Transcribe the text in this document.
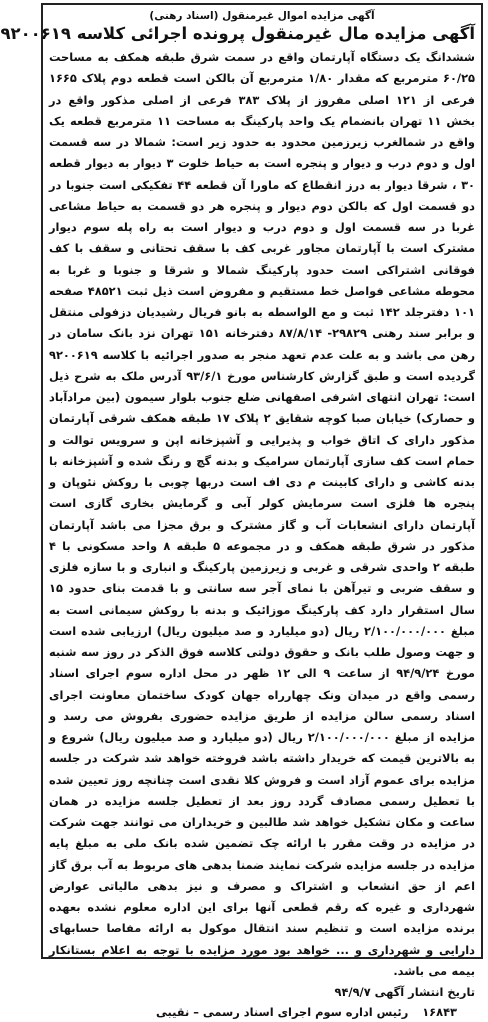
آگهی مزایده اموال غیرمنقول (اسناد رهنی)
آگهی مزایده مال غیرمنقول پرونده اجرائی کلاسه ۹۲۰۰۶۱۹
ششدانگ یک دستگاه آپارتمان واقع در سمت شرق طبقه همکف به مساحت ۶۰/۲۵ مترمربع که مقدار ۱/۸۰ مترمربع آن بالکن است قطعه دوم پلاک ۱۶۶۵ فرعی از ۱۲۱ اصلی مفروز از پلاک ۳۸۳ فرعی از اصلی مذکور واقع در بخش ۱۱ تهران بانضمام یک واحد پارکینگ به مساحت ۱۱ مترمربع قطعه یک واقع در شمالغرب زیرزمین محدود به حدود زیر است: شمالا در سه قسمت اول و دوم درب و دیوار و پنجره است به حیاط خلوت ۳ دیوار به دیوار قطعه ۳۰ ، شرقا دیوار به درز انقطاع که ماورا آن قطعه ۴۴ تفکیکی است جنوبا در دو قسمت اول که بالکن دوم دیوار و پنجره هر دو قسمت به حیاط مشاعی غربا در سه قسمت اول و دوم درب و دیوار است به راه پله سوم دیوار مشترک است با آپارتمان مجاور غربی کف با سقف تحتانی و سقف با کف فوقانی اشتراکی است حدود پارکینگ شمالا و شرقا و جنوبا و غربا به محوطه مشاعی فواصل خط مستقیم و مفروض است ذیل ثبت ۴۸۵۲۱ صفحه ۱۰۱ دفترجلد ۱۴۲ ثبت و مع الواسطه به بانو فریال رشیدیان دزفولی منتقل و برابر سند رهنی ۲۹۸۲۹- ۸۷/۸/۱۴ دفترخانه ۱۵۱ تهران نزد بانک سامان در رهن می باشد و به علت عدم تعهد منجر به صدور اجرائیه با کلاسه ۹۲۰۰۶۱۹ گردیده است و طبق گزارش کارشناس مورخ ۹۳/۶/۱ آدرس ملک به شرح ذیل است: تهران انتهای اشرفی اصفهانی ضلع جنوب بلوار سیمون (بین مرادآباد و حصارک) خیابان صبا کوچه شقایق ۲ پلاک ۱۷ طبقه همکف شرقی آپارتمان مذکور دارای ک اتاق خواب و پذیرایی و آشپزخانه اپن و سرویس توالت و حمام است کف سازی آپارتمان سرامیک و بدنه گچ و رنگ شده و آشپزخانه با بدنه کاشی و دارای کابینت م دی اف است دربها چوبی با روکش نئوپان و پنجره ها فلزی است سرمایش کولر آبی و گرمایش بخاری گازی است آپارتمان دارای انشعابات آب و گاز مشترک و برق مجزا می باشد آپارتمان مذکور در شرق طبقه همکف و در مجموعه ۵ طبقه ۸ واحد مسکونی با ۴ طبقه ۲ واحدی شرقی و غربی و زیرزمین پارکینگ و انباری و با سازه فلزی و سقف ضربی و تیرآهن با نمای آجر سه سانتی و با قدمت بنای حدود ۱۵ سال استقرار دارد کف پارکینگ موزائیک و بدنه با روکش سیمانی است به مبلغ ۲/۱۰۰/۰۰۰/۰۰۰ ریال (دو میلیارد و صد میلیون ریال) ارزیابی شده است و جهت وصول طلب بانک و حقوق دولتی کلاسه فوق الذکر در روز سه شنبه مورخ ۹۴/۹/۲۴ از ساعت ۹ الی ۱۲ ظهر در محل اداره سوم اجرای اسناد رسمی واقع در میدان ونک چهارراه جهان کودک ساختمان معاونت اجرای اسناد رسمی سالن مزایده از طریق مزایده حضوری بفروش می رسد و مزایده از مبلغ ۲/۱۰۰/۰۰۰/۰۰۰ ریال (دو میلیارد و صد میلیون ریال) شروع و به بالاترین قیمت که خریدار داشته باشد فروخته خواهد شد شرکت در جلسه مزایده برای عموم آزاد است و فروش کلا نقدی است چنانچه روز تعیین شده با تعطیل رسمی مصادف گردد روز بعد از تعطیل جلسه مزایده در همان ساعت و مکان تشکیل خواهد شد طالبین و خریداران می توانند جهت شرکت در مزایده در وقت مقرر با ارائه چک تضمین شده بانک ملی به مبلغ پایه مزایده در جلسه مزایده شرکت نمایند ضمنا بدهی های مربوط به آب برق گاز اعم از حق انشعاب و اشتراک و مصرف و نیز بدهی مالیاتی عوارض شهرداری و غیره که رقم قطعی آنها برای این اداره معلوم نشده بعهده برنده مزایده است و تنظیم سند انتقال موکول به ارائه مفاصا حسابهای دارایی و شهرداری و ... خواهد بود مورد مزایده با توجه به اعلام بستانکار بیمه می باشد.
تاریخ انتشار آگهی ۹۴/۹/۷
۱۶۸۴۳ رئیس اداره سوم اجرای اسناد رسمی – نقیبی
